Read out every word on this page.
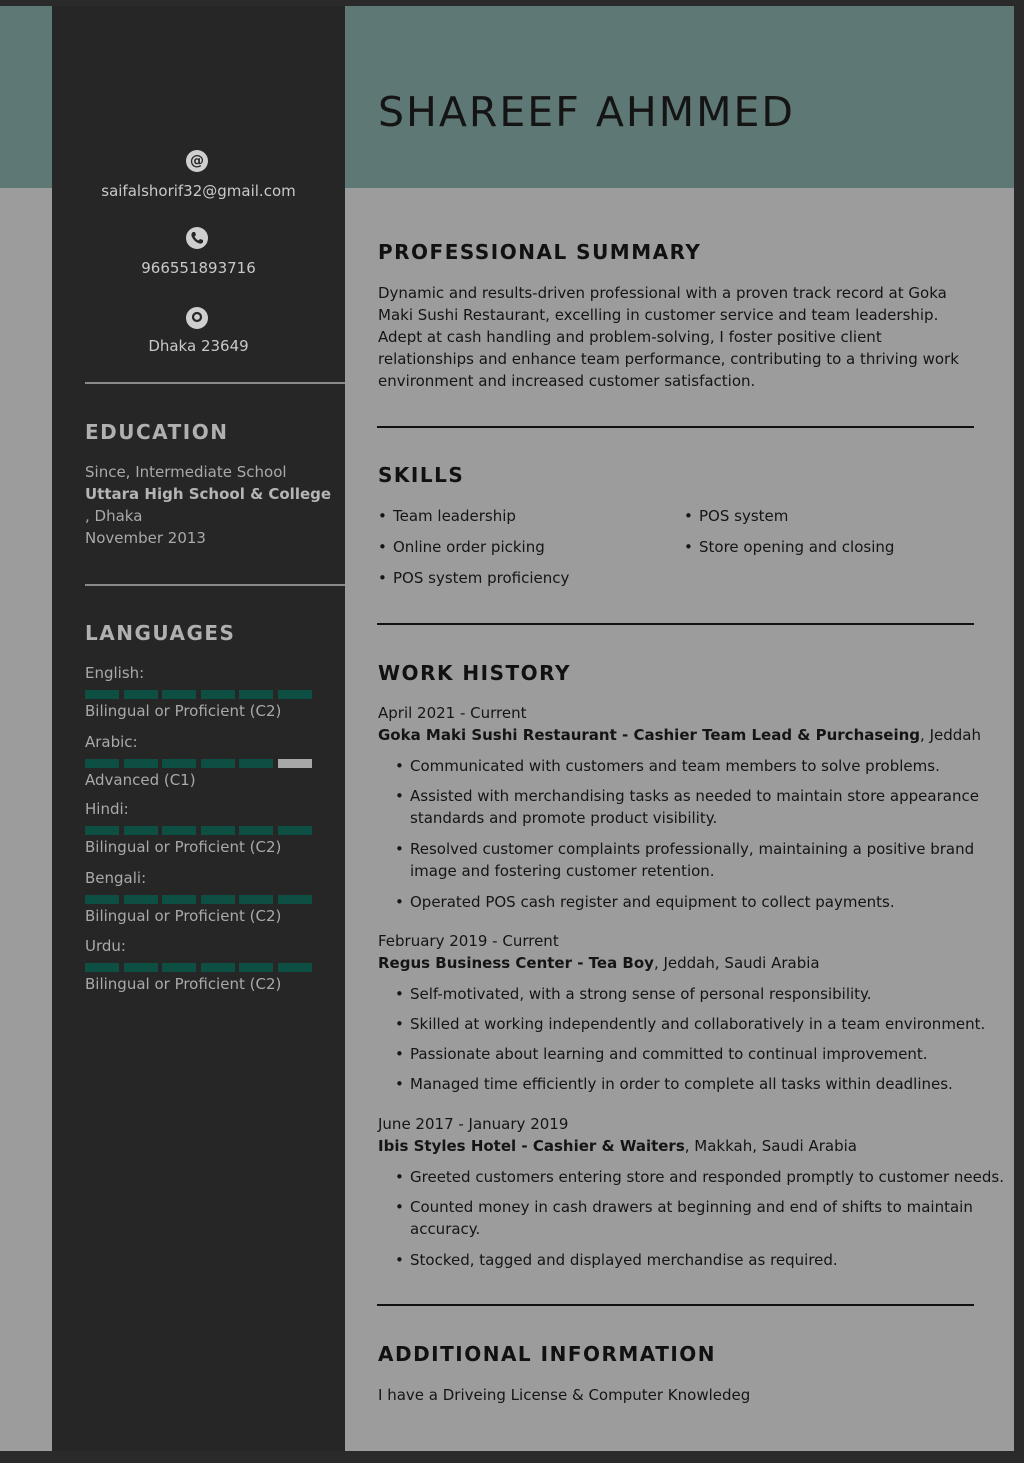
SHAREEF AHMMED
@
saifalshorif32@gmail.com
966551893716
Dhaka 23649
EDUCATION
Since, Intermediate School
Uttara High School & College
, Dhaka
November 2013
LANGUAGES
English:
Bilingual or Proficient (C2)
Arabic:
Advanced (C1)
Hindi:
Bilingual or Proficient (C2)
Bengali:
Bilingual or Proficient (C2)
Urdu:
Bilingual or Proficient (C2)
PROFESSIONAL SUMMARY
Dynamic and results-driven professional with a proven track record at Goka Maki Sushi Restaurant, excelling in customer service and team leadership. Adept at cash handling and problem-solving, I foster positive client relationships and enhance team performance, contributing to a thriving work environment and increased customer satisfaction.
SKILLS
• Team leadership
• Online order picking
• POS system proficiency
• POS system
• Store opening and closing
WORK HISTORY
April 2021 - Current
Goka Maki Sushi Restaurant - Cashier Team Lead & Purchaseing, Jeddah
• Communicated with customers and team members to solve problems.
• Assisted with merchandising tasks as needed to maintain store appearance
standards and promote product visibility.
• Resolved customer complaints professionally, maintaining a positive brand
image and fostering customer retention.
• Operated POS cash register and equipment to collect payments.
February 2019 - Current
Regus Business Center - Tea Boy, Jeddah, Saudi Arabia
• Self-motivated, with a strong sense of personal responsibility.
• Skilled at working independently and collaboratively in a team environment.
• Passionate about learning and committed to continual improvement.
• Managed time efficiently in order to complete all tasks within deadlines.
June 2017 - January 2019
Ibis Styles Hotel - Cashier & Waiters, Makkah, Saudi Arabia
• Greeted customers entering store and responded promptly to customer needs.
• Counted money in cash drawers at beginning and end of shifts to maintain
accuracy.
• Stocked, tagged and displayed merchandise as required.
ADDITIONAL INFORMATION
I have a Driveing License & Computer Knowledeg
